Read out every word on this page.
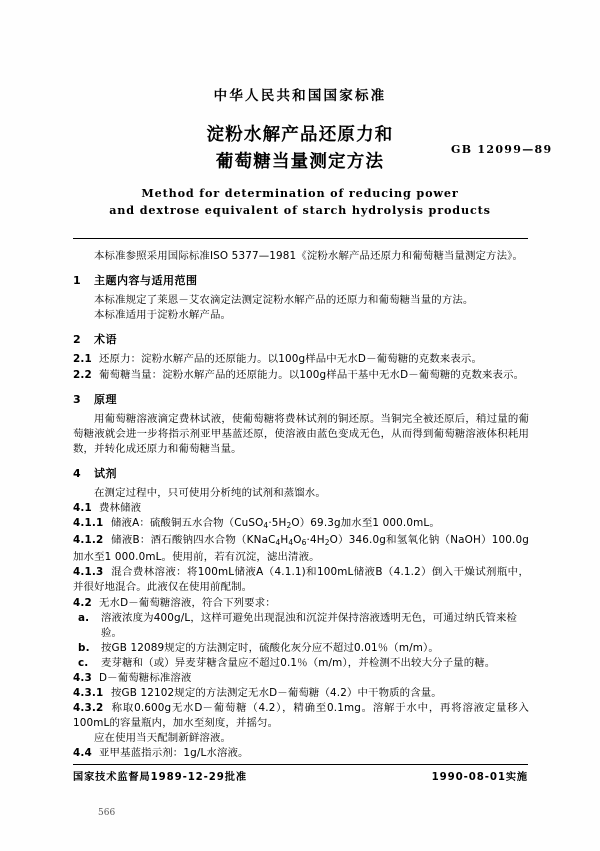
中华人民共和国国家标准
淀粉水解产品还原力和
葡萄糖当量测定方法
GB 12099—89
Method for determination of reducing power
and dextrose equivalent of starch hydrolysis products

本标准参照采用国际标准ISO 5377—1981《淀粉水解产品还原力和葡萄糖当量测定方法》。

1 主题内容与适用范围

本标准规定了莱恩－艾农滴定法测定淀粉水解产品的还原力和葡萄糖当量的方法。

本标准适用于淀粉水解产品。

2 术语

2.1 还原力：淀粉水解产品的还原能力。以100g样品中无水D－葡萄糖的克数来表示。

2.2 葡萄糖当量：淀粉水解产品的还原能力。以100g样品干基中无水D－葡萄糖的克数来表示。

3 原理

用葡萄糖溶液滴定费林试液，使葡萄糖将费林试剂的铜还原。当铜完全被还原后，稍过量的葡萄糖液就会进一步将指示剂亚甲基蓝还原，使溶液由蓝色变成无色，从而得到葡萄糖溶液体积耗用数，并转化成还原力和葡萄糖当量。

4 试剂

在测定过程中，只可使用分析纯的试剂和蒸馏水。

4.1 费林储液

4.1.1 储液A：硫酸铜五水合物$(CuSO_4\cdot 5H_2O)69.3g$加水至1 000.0mL。

4.1.2 储液B：酒石酸钠四水合物$(KNaC_4H_4O_6\cdot 4H_2O)346.0g$和氢氧化钠（NaOH）100.0g加水至1 000.0mL。使用前，若有沉淀，滤出清液。

4.1.3 混合费林溶液：将100mL储液A（4.1.1)和100mL储液B（4.1.2）倒入干燥试剂瓶中，并很好地混合。此液仅在使用前配制。

4.2 无水D－葡萄糖溶液，符合下列要求：

a. 溶液浓度为400g/L，这样可避免出现混浊和沉淀并保持溶液透明无色，可通过纳氏管来检验。

b. 按GB 12089规定的方法测定时，硫酸化灰分应不超过0.01％（m/m）。

c. 麦芽糖和（或）异麦芽糖含量应不超过0.1％（m/m），并检测不出较大分子量的糖。

4.3 D－葡萄糖标准溶液

4.3.1 按GB 12102规定的方法测定无水D－葡萄糖（4.2）中干物质的含量。

4.3.2 称取0.600g无水D－葡萄糖（4.2），精确至0.1mg。溶解于水中，再将溶液定量移入100mL的容量瓶内，加水至刻度，并摇匀。

应在使用当天配制新鲜溶液。

4.4 亚甲基蓝指示剂：1g/L水溶液。

国家技术监督局1989-12-29批准	1990-08-01实施
566
